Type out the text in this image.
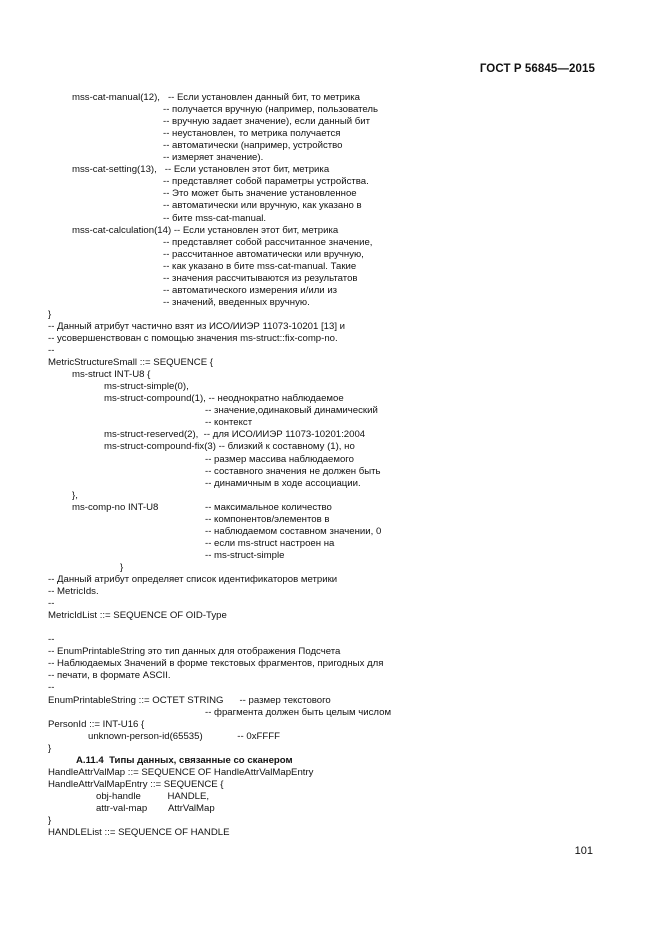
ГОСТ Р 56845—2015
mss-cat-manual(12),   -- Если установлен данный бит, то метрика
-- получается вручную (например, пользователь
-- вручную задает значение), если данный бит
-- неустановлен, то метрика получается
-- автоматически (например, устройство
-- измеряет значение).
mss-cat-setting(13),   -- Если установлен этот бит, метрика
-- представляет собой параметры устройства.
-- Это может быть значение установленное
-- автоматически или вручную, как указано в
-- бите mss-cat-manual.
mss-cat-calculation(14) -- Если установлен этот бит, метрика
-- представляет собой рассчитанное значение,
-- рассчитанное автоматически или вручную,
-- как указано в бите mss-cat-manual. Такие
-- значения рассчитываются из результатов
-- автоматического измерения и/или из
-- значений, введенных вручную.
}
-- Данный атрибут частично взят из ИСО/ИИЭР 11073-10201 [13] и
-- усовершенствован с помощью значения ms-struct::fix-comp-no.
--
MetricStructureSmall ::= SEQUENCE {
ms-struct INT-U8 {
ms-struct-simple(0),
ms-struct-compound(1), -- неоднократно наблюдаемое
-- значение,одинаковый динамический
-- контекст
ms-struct-reserved(2),  -- для ИСО/ИИЭР 11073-10201:2004
ms-struct-compound-fix(3) -- близкий к составному (1), но
-- размер массива наблюдаемого
-- составного значения не должен быть
-- динамичным в ходе ассоциации.
},
ms-comp-no INT-U8
-- компонентов/элементов в
-- наблюдаемом составном значении, 0
-- если ms-struct настроен на
-- ms-struct-simple
}
-- Данный атрибут определяет список идентификаторов метрики
-- MetricIds.
--
MetricIdList ::= SEQUENCE OF OID-Type
--
-- EnumPrintableString это тип данных для отображения Подсчета
-- Наблюдаемых Значений в форме текстовых фрагментов, пригодных для
-- печати, в формате ASCII.
--
EnumPrintableString ::= OCTET STRING      -- размер текстового
-- фрагмента должен быть целым числом
PersonId ::= INT-U16 {
unknown-person-id(65535)             -- 0xFFFF
}
A.11.4  Типы данных, связанные со сканером
HandleAttrValMap ::= SEQUENCE OF HandleAttrValMapEntry
HandleAttrValMapEntry ::= SEQUENCE {
obj-handle          HANDLE,
attr-val-map        AttrValMap
}
HANDLEList ::= SEQUENCE OF HANDLE
-- максимальное количество
101
